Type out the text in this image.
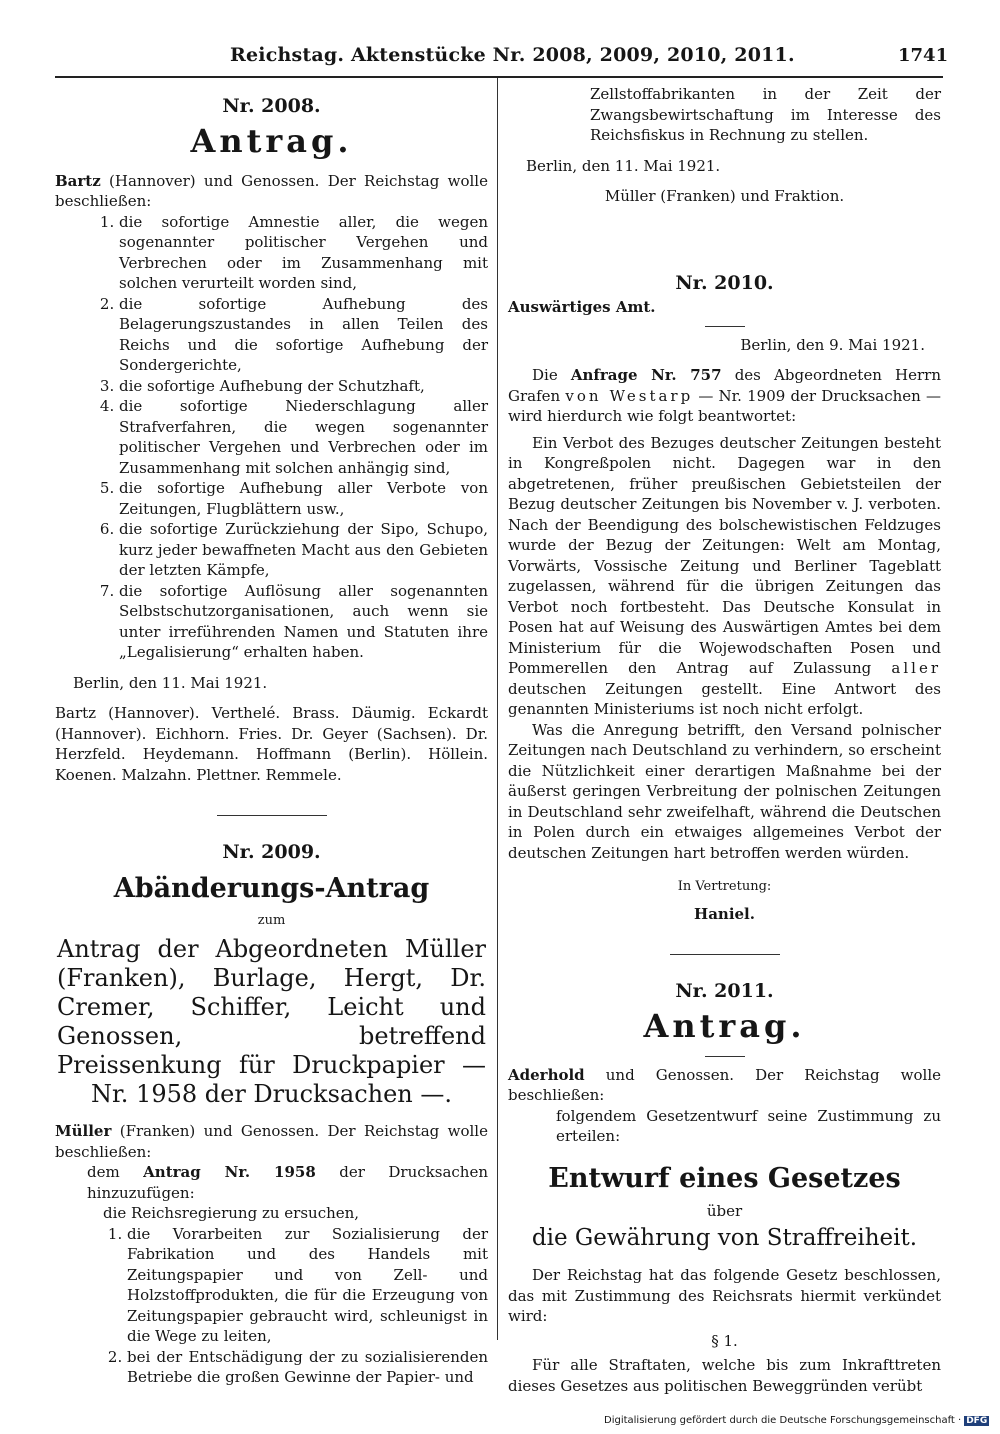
Reichstag. Aktenstücke Nr. 2008, 2009, 2010, 2011.	1741
Nr. 2008.
Antrag.

Bartz (Hannover) und Genossen. Der Reichstag wolle beschließen:

1. die sofortige Amnestie aller, die wegen sogenannter politischer Vergehen und Verbrechen oder im Zusammenhang mit solchen verurteilt worden sind,
2. die sofortige Aufhebung des Belagerungszustandes in allen Teilen des Reichs und die sofortige Aufhebung der Sondergerichte,
3. die sofortige Aufhebung der Schutzhaft,
4. die sofortige Niederschlagung aller Strafverfahren, die wegen sogenannter politischer Vergehen und Verbrechen oder im Zusammenhang mit solchen anhängig sind,
5. die sofortige Aufhebung aller Verbote von Zeitungen, Flugblättern usw.,
6. die sofortige Zurückziehung der Sipo, Schupo, kurz jeder bewaffneten Macht aus den Gebieten der letzten Kämpfe,
7. die sofortige Auflösung aller sogenannten Selbstschutzorganisationen, auch wenn sie unter irreführenden Namen und Statuten ihre „Legalisierung“ erhalten haben.
Berlin, den 11. Mai 1921.

Bartz (Hannover). Verthelé. Brass. Däumig. Eckardt (Hannover). Eichhorn. Fries. Dr. Geyer (Sachsen). Dr. Herzfeld. Heydemann. Hoffmann (Berlin). Höllein. Koenen. Malzahn. Plettner. Remmele.

Nr. 2009.
Abänderungs-Antrag
zum
Antrag der Abgeordneten Müller (Franken), Burlage, Hergt, Dr. Cremer, Schiffer, Leicht und Genossen, betreffend Preissenkung für Druckpapier — Nr. 1958 der Drucksachen —.

Müller (Franken) und Genossen. Der Reichstag wolle beschließen:

dem Antrag Nr. 1958 der Drucksachen hinzuzufügen:
die Reichsregierung zu ersuchen,
1. die Vorarbeiten zur Sozialisierung der Fabrikation und des Handels mit Zeitungspapier und von Zell- und Holzstoffprodukten, die für die Erzeugung von Zeitungspapier gebraucht wird, schleunigst in die Wege zu leiten,
2. bei der Entschädigung der zu sozialisierenden Betriebe die großen Gewinne der Papier- und
Zellstoffabrikanten in der Zeit der Zwangsbewirtschaftung im Interesse des Reichsfiskus in Rechnung zu stellen.
Berlin, den 11. Mai 1921.
Müller (Franken) und Fraktion.
Nr. 2010.
Auswärtiges Amt.
Berlin, den 9. Mai 1921.

Die Anfrage Nr. 757 des Abgeordneten Herrn Grafen von Westarp — Nr. 1909 der Drucksachen — wird hierdurch wie folgt beantwortet:

Ein Verbot des Bezuges deutscher Zeitungen besteht in Kongreßpolen nicht. Dagegen war in den abgetretenen, früher preußischen Gebietsteilen der Bezug deutscher Zeitungen bis November v. J. verboten. Nach der Beendigung des bolschewistischen Feldzuges wurde der Bezug der Zeitungen: Welt am Montag, Vorwärts, Vossische Zeitung und Berliner Tageblatt zugelassen, während für die übrigen Zeitungen das Verbot noch fortbesteht. Das Deutsche Konsulat in Posen hat auf Weisung des Auswärtigen Amtes bei dem Ministerium für die Wojewodschaften Posen und Pommerellen den Antrag auf Zulassung aller deutschen Zeitungen gestellt. Eine Antwort des genannten Ministeriums ist noch nicht erfolgt.

Was die Anregung betrifft, den Versand polnischer Zeitungen nach Deutschland zu verhindern, so erscheint die Nützlichkeit einer derartigen Maßnahme bei der äußerst geringen Verbreitung der polnischen Zeitungen in Deutschland sehr zweifelhaft, während die Deutschen in Polen durch ein etwaiges allgemeines Verbot der deutschen Zeitungen hart betroffen werden würden.

In Vertretung:
Haniel.
Nr. 2011.
Antrag.

Aderhold und Genossen. Der Reichstag wolle beschließen:

folgendem Gesetzentwurf seine Zustimmung zu erteilen:
Entwurf eines Gesetzes
über
die Gewährung von Straffreiheit.

Der Reichstag hat das folgende Gesetz beschlossen, das mit Zustimmung des Reichsrats hiermit verkündet wird:

§ 1.

Für alle Straftaten, welche bis zum Inkrafttreten dieses Gesetzes aus politischen Beweggründen verübt

Digitalisierung gefördert durch die Deutsche Forschungsgemeinschaft · DFG
